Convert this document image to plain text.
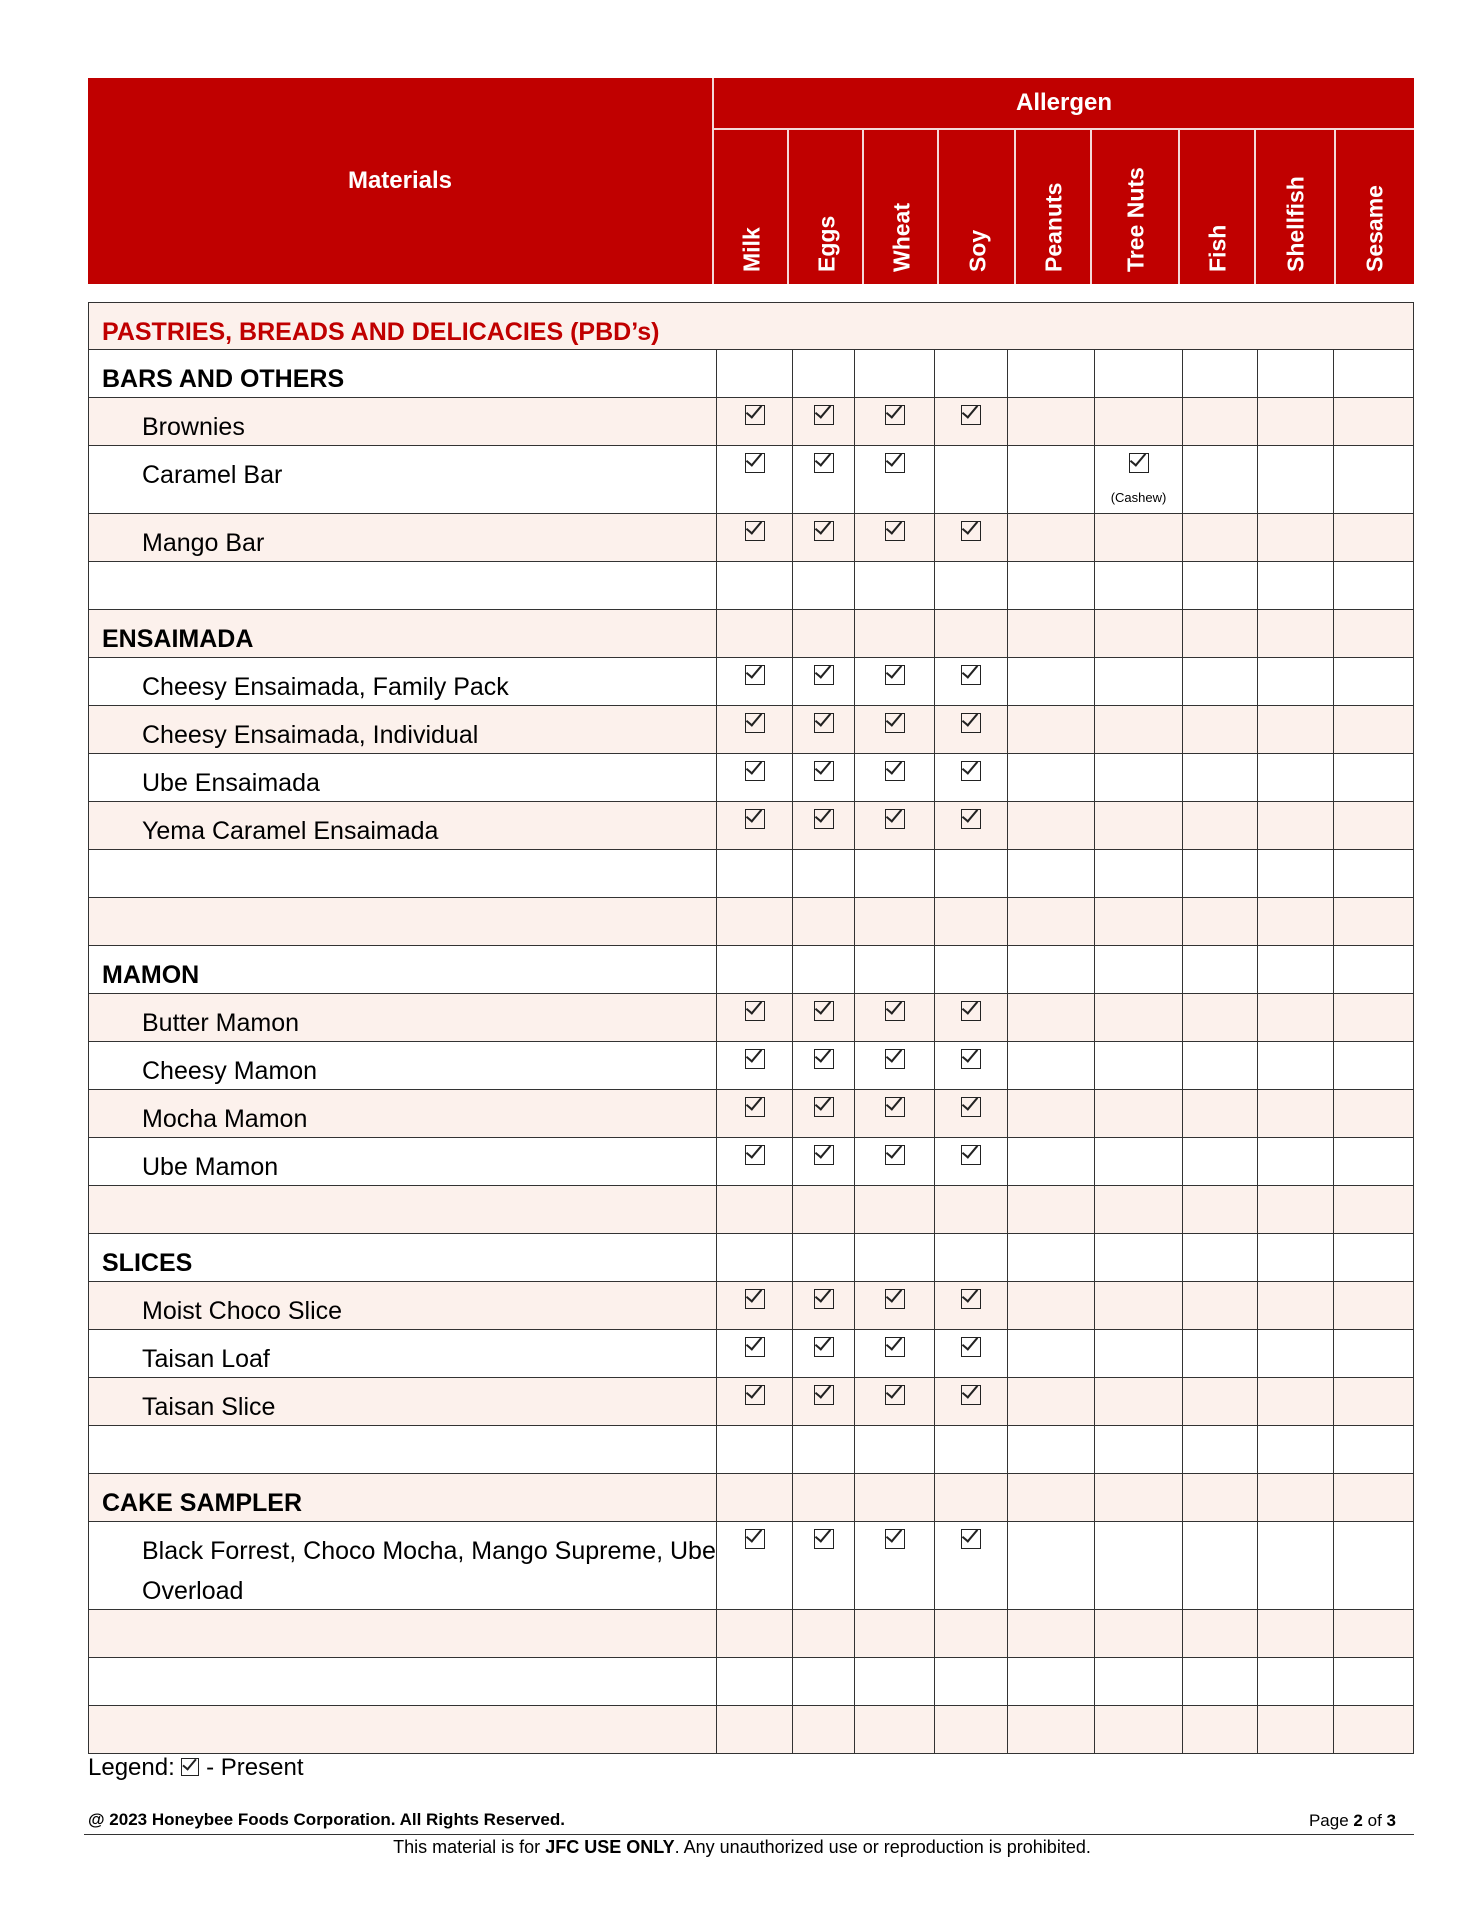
Materials
Allergen
Milk Eggs Wheat Soy Peanuts Tree Nuts Fish Shellfish Sesame
PASTRIES, BREADS AND DELICACIES (PBD’s)
BARS AND OTHERS
Brownies
Caramel Bar
(Cashew)
Mango Bar
ENSAIMADA
Cheesy Ensaimada, Family Pack
Cheesy Ensaimada, Individual
Ube Ensaimada
Yema Caramel Ensaimada
MAMON
Butter Mamon
Cheesy Mamon
Mocha Mamon
Ube Mamon
SLICES
Moist Choco Slice
Taisan Loaf
Taisan Slice
CAKE SAMPLER
Black Forrest, Choco Mocha, Mango Supreme, Ube Overload
Legend: - Present
@ 2023 Honeybee Foods Corporation. All Rights Reserved.	Page 2 of 3
This material is for JFC USE ONLY. Any unauthorized use or reproduction is prohibited.
